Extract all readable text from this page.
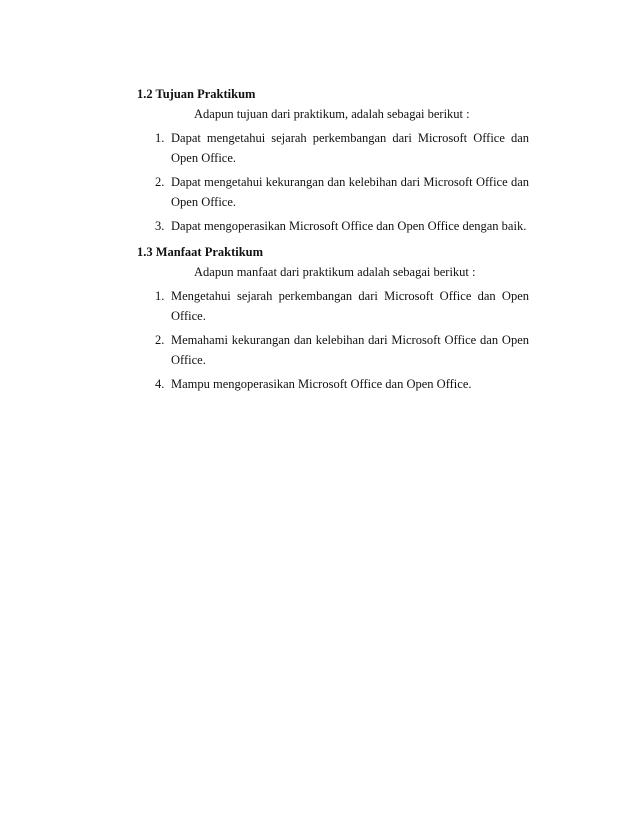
1.2 Tujuan Praktikum
Adapun tujuan dari praktikum, adalah sebagai berikut :
1. Dapat mengetahui sejarah perkembangan dari Microsoft Office dan Open Office.
2. Dapat mengetahui kekurangan dan kelebihan dari Microsoft Office dan Open Office.
3. Dapat mengoperasikan Microsoft Office dan Open Office dengan baik.
1.3 Manfaat Praktikum
Adapun manfaat dari praktikum adalah sebagai berikut :
1. Mengetahui sejarah perkembangan dari Microsoft Office dan Open Office.
2. Memahami kekurangan dan kelebihan dari Microsoft Office dan Open Office.
4. Mampu mengoperasikan Microsoft Office dan Open Office.
